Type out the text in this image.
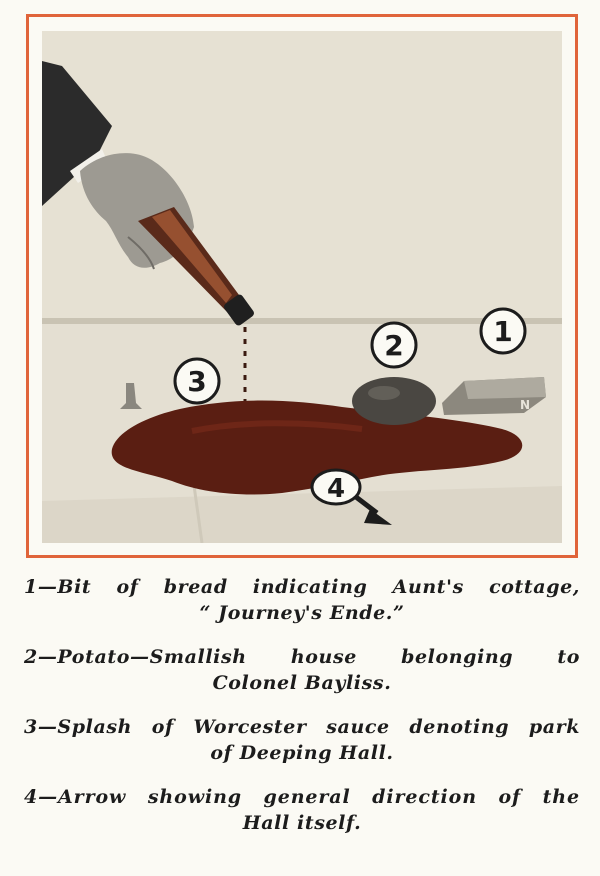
N
1
2
3
4

1—Bit of bread indicating Aunt's cottage,
“ Journey's Ende.”

2—Potato—Smallish house belonging to
Colonel Bayliss.

3—Splash of Worcester sauce denoting park
of Deeping Hall.

4—Arrow showing general direction of the
Hall itself.
